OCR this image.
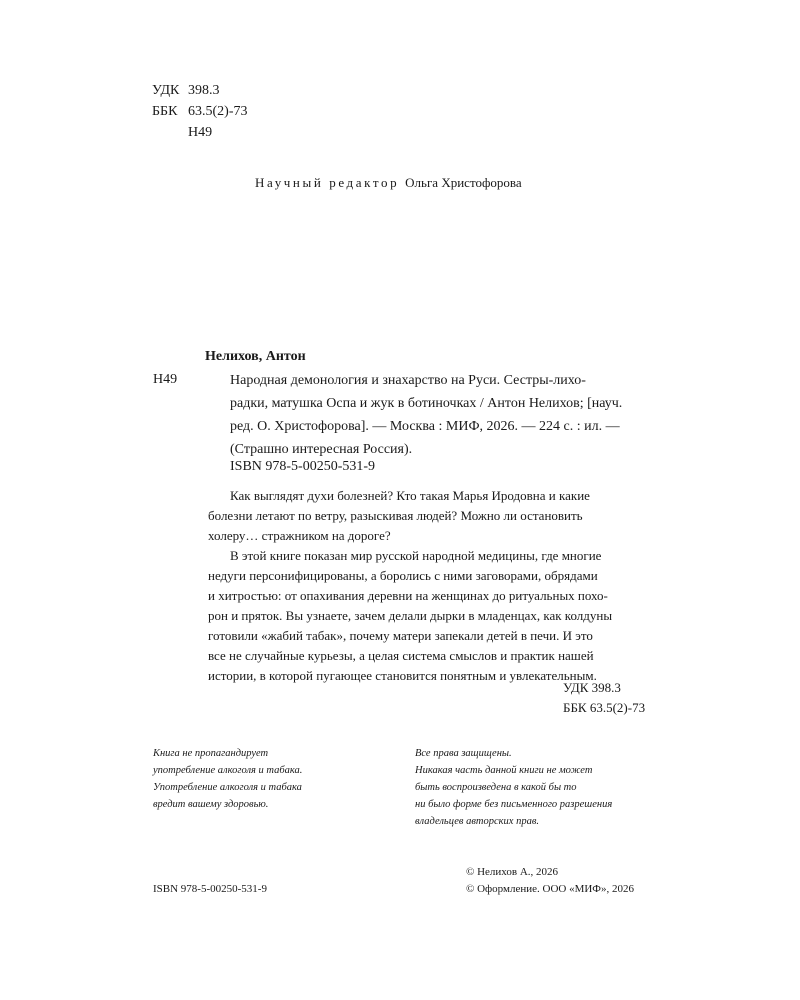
УДК 398.3
ББК 63.5(2)-73
Н49
Научный редактор Ольга Христофорова
Нелихов, Антон
Н49	Народная демонология и знахарство на Руси. Сестры-лихо-
радки, матушка Оспа и жук в ботиночках / Антон Нелихов; [науч.
ред. О. Христофорова]. — Москва : МИФ, 2026. — 224 с. : ил. —
(Страшно интересная Россия).
ISBN 978-5-00250-531-9
Как выглядят духи болезней? Кто такая Марья Иродовна и какие
болезни летают по ветру, разыскивая людей? Можно ли остановить
холеру… стражником на дороге?
В этой книге показан мир русской народной медицины, где многие
недуги персонифицированы, а боролись с ними заговорами, обрядами
и хитростью: от опахивания деревни на женщинах до ритуальных похо-
рон и пряток. Вы узнаете, зачем делали дырки в младенцах, как колдуны
готовили «жабий табак», почему матери запекали детей в печи. И это
все не случайные курьезы, а целая система смыслов и практик нашей
истории, в которой пугающее становится понятным и увлекательным.
УДК 398.3
ББК 63.5(2)-73
Книга не пропагандирует
употребление алкоголя и табака.
Употребление алкоголя и табака
вредит вашему здоровью.
Все права защищены.
Никакая часть данной книги не может
быть воспроизведена в какой бы то
ни было форме без письменного разрешения
владельцев авторских прав.
ISBN 978-5-00250-531-9
© Нелихов А., 2026
© Оформление. ООО «МИФ», 2026
